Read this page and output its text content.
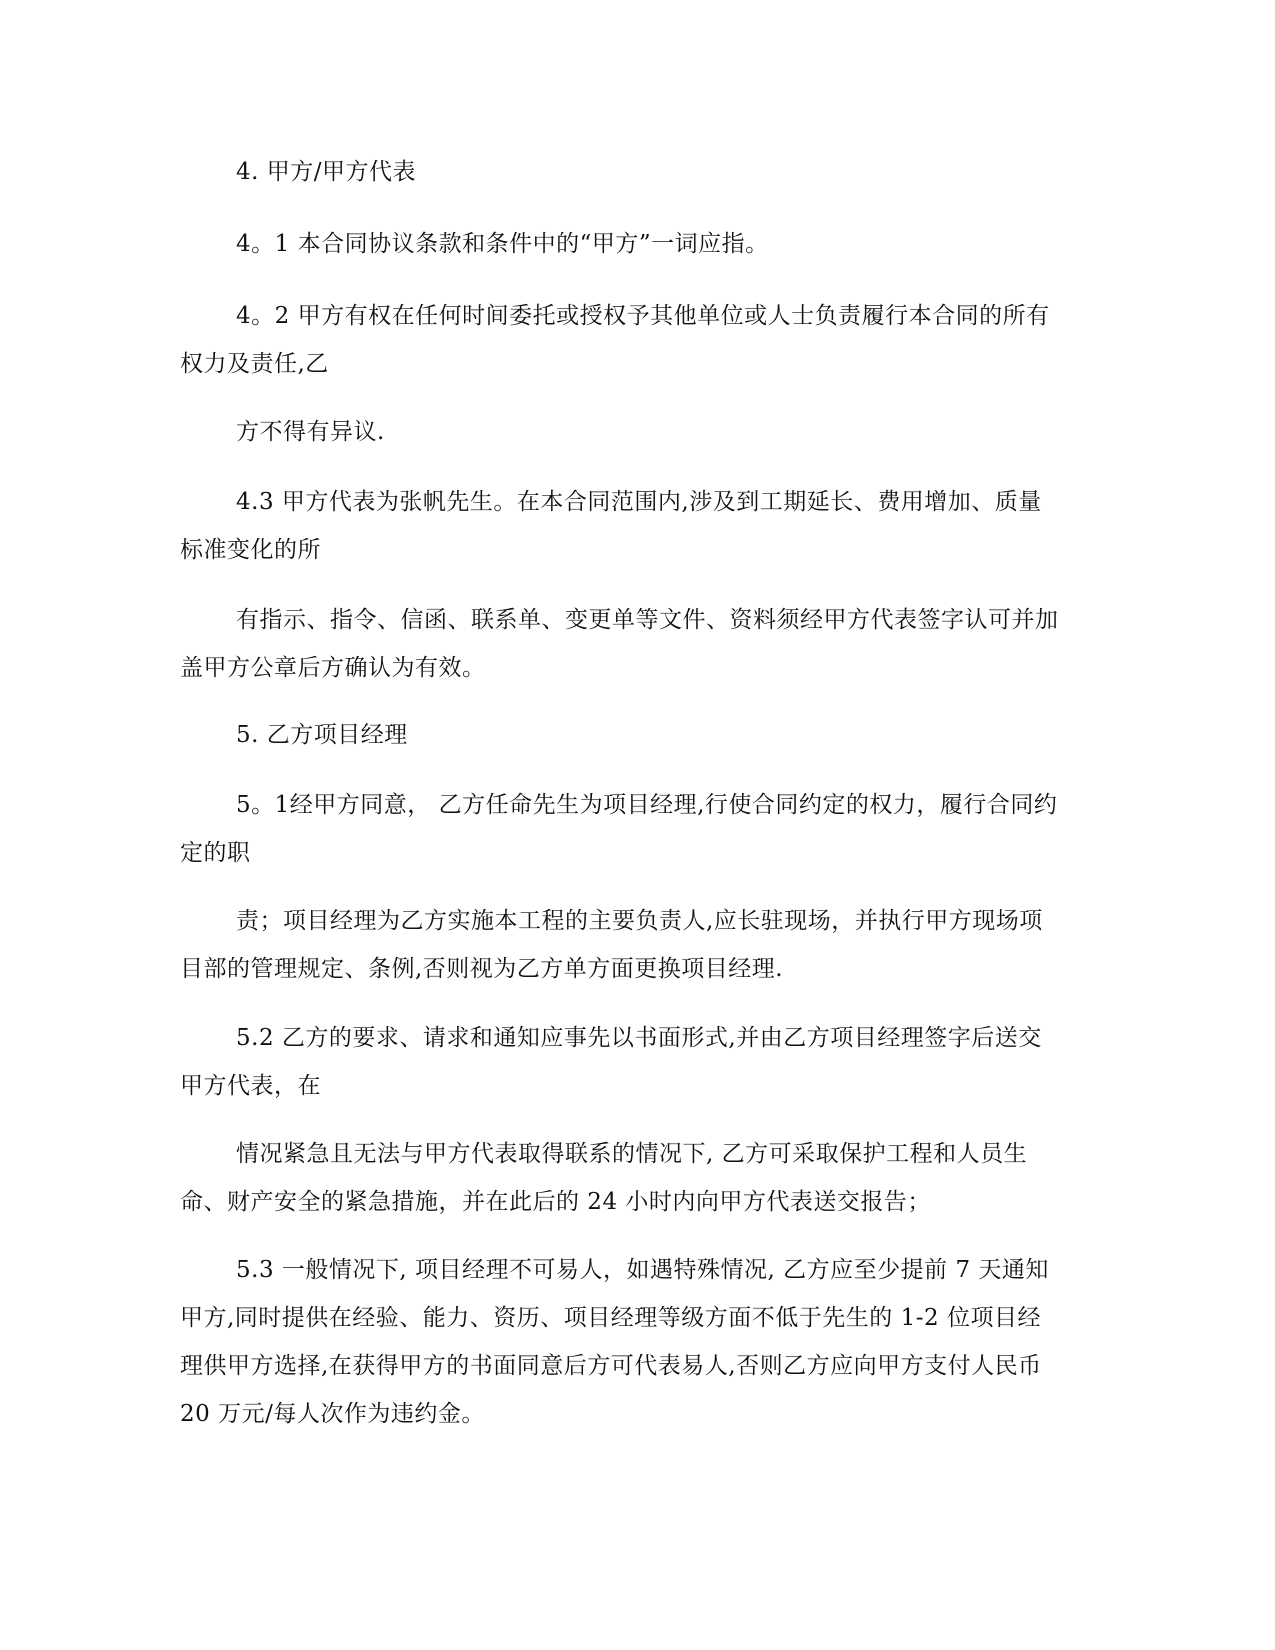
4. 甲方/甲方代表

4。1 本合同协议条款和条件中的“甲方”一词应指。

4。2 甲方有权在任何时间委托或授权予其他单位或人士负责履行本合同的所有权力及责任,乙

方不得有异议.

4.3 甲方代表为张帆先生。在本合同范围内,涉及到工期延长、费用增加、质量标准变化的所

有指示、指令、信函、联系单、变更单等文件、资料须经甲方代表签字认可并加盖甲方公章后方确认为有效。

5. 乙方项目经理

5。1经甲方同意， 乙方任命先生为项目经理,行使合同约定的权力，履行合同约定的职

责；项目经理为乙方实施本工程的主要负责人,应长驻现场，并执行甲方现场项目部的管理规定、条例,否则视为乙方单方面更换项目经理.

5.2 乙方的要求、请求和通知应事先以书面形式,并由乙方项目经理签字后送交甲方代表，在

情况紧急且无法与甲方代表取得联系的情况下, 乙方可采取保护工程和人员生命、财产安全的紧急措施，并在此后的 24 小时内向甲方代表送交报告；

5.3 一般情况下, 项目经理不可易人，如遇特殊情况, 乙方应至少提前 7 天通知甲方,同时提供在经验、能力、资历、项目经理等级方面不低于先生的 1-2 位项目经理供甲方选择,在获得甲方的书面同意后方可代表易人,否则乙方应向甲方支付人民币 20 万元/每人次作为违约金。
